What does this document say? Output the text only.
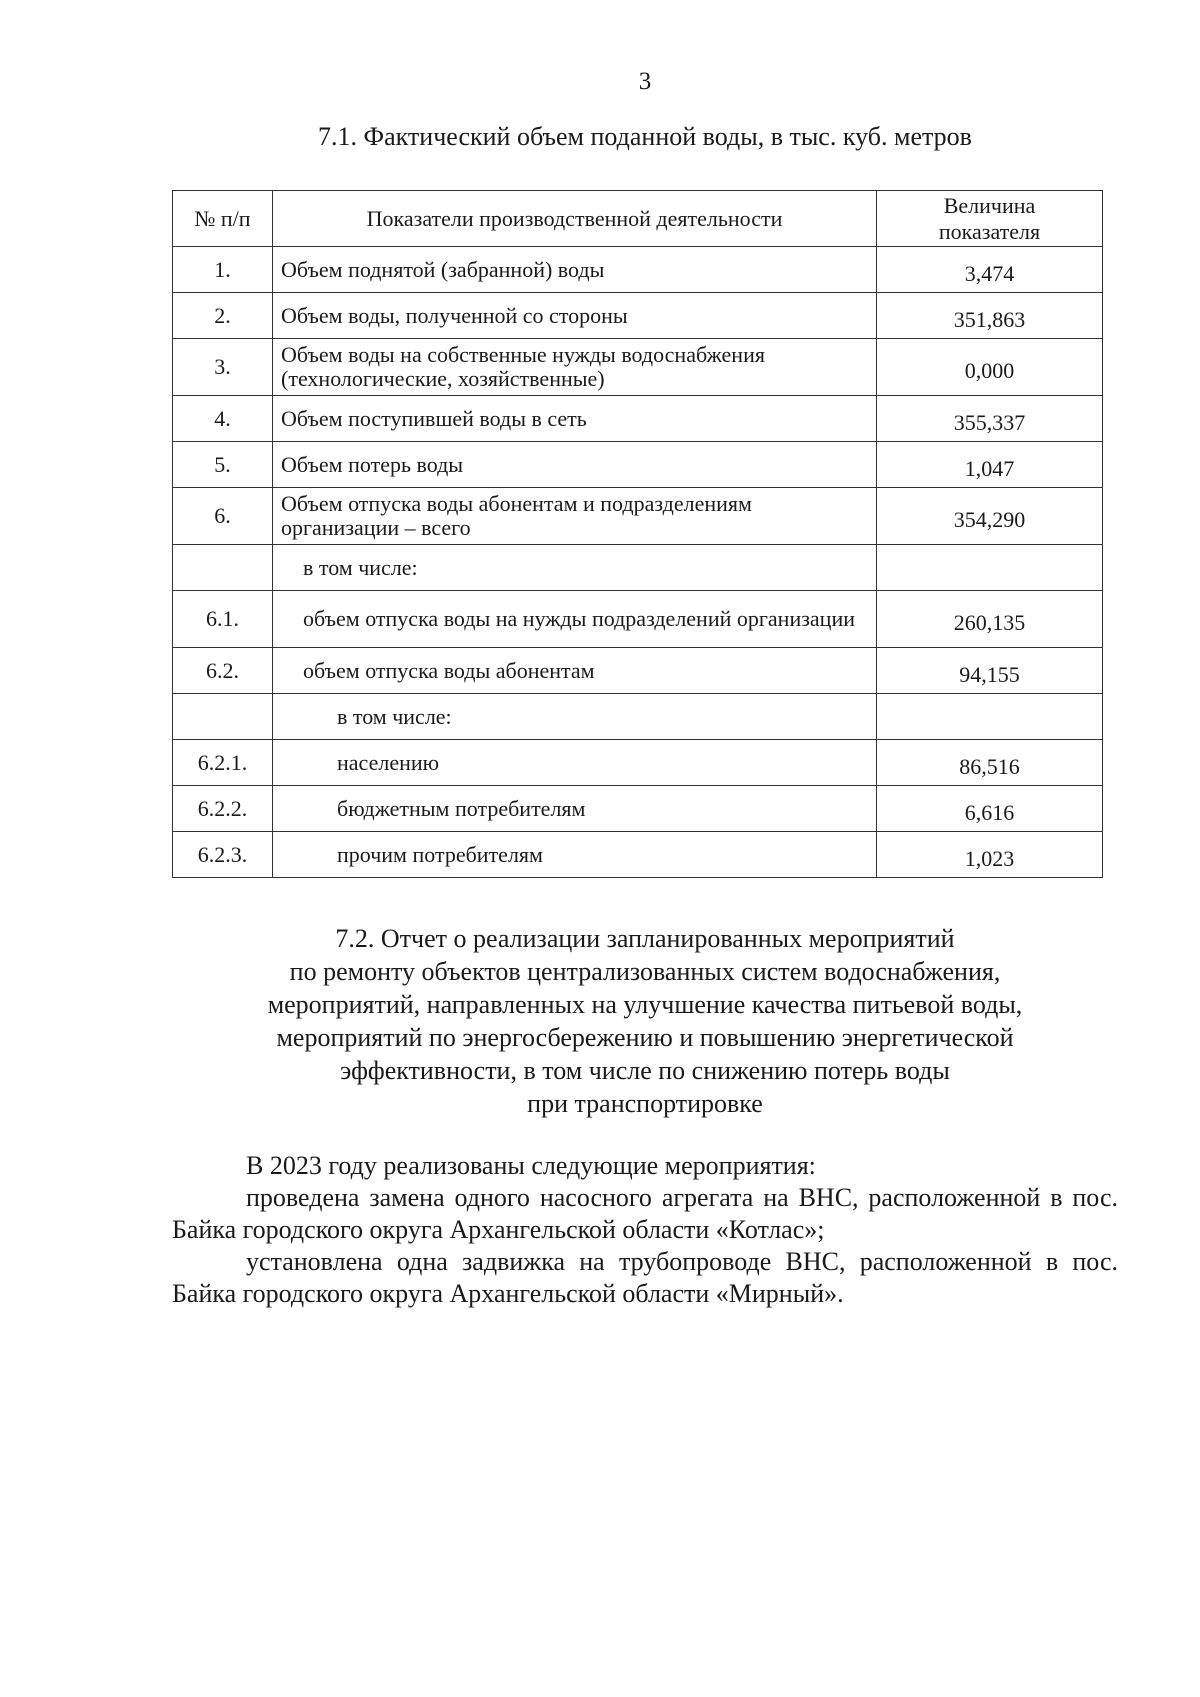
3
7.1. Фактический объем поданной воды, в тыс. куб. метров
№ п/п	Показатели производственной деятельности	Величина показателя

1.	Объем поднятой (забранной) воды	3,474
2.	Объем воды, полученной со стороны	351,863
3.	Объем воды на собственные нужды водоснабжения (технологические, хозяйственные)	0,000
4.	Объем поступившей воды в сеть	355,337
5.	Объем потерь воды	1,047
6.	Объем отпуска воды абонентам и подразделениям организации – всего	354,290
	в том числе:	
6.1.	объем отпуска воды на нужды подразделений организации	260,135
6.2.	объем отпуска воды абонентам	94,155
	в том числе:	
6.2.1.	населению	86,516
6.2.2.	бюджетным потребителям	6,616
6.2.3.	прочим потребителям	1,023
7.2. Отчет о реализации запланированных мероприятий
по ремонту объектов централизованных систем водоснабжения,
мероприятий, направленных на улучшение качества питьевой воды,
мероприятий по энергосбережению и повышению энергетической
эффективности, в том числе по снижению потерь воды
при транспортировке
В 2023 году реализованы следующие мероприятия:
проведена замена одного насосного агрегата на ВНС, расположенной в пос. Байка городского округа Архангельской области «Котлас»;
установлена одна задвижка на трубопроводе ВНС, расположенной в пос. Байка городского округа Архангельской области «Мирный».
